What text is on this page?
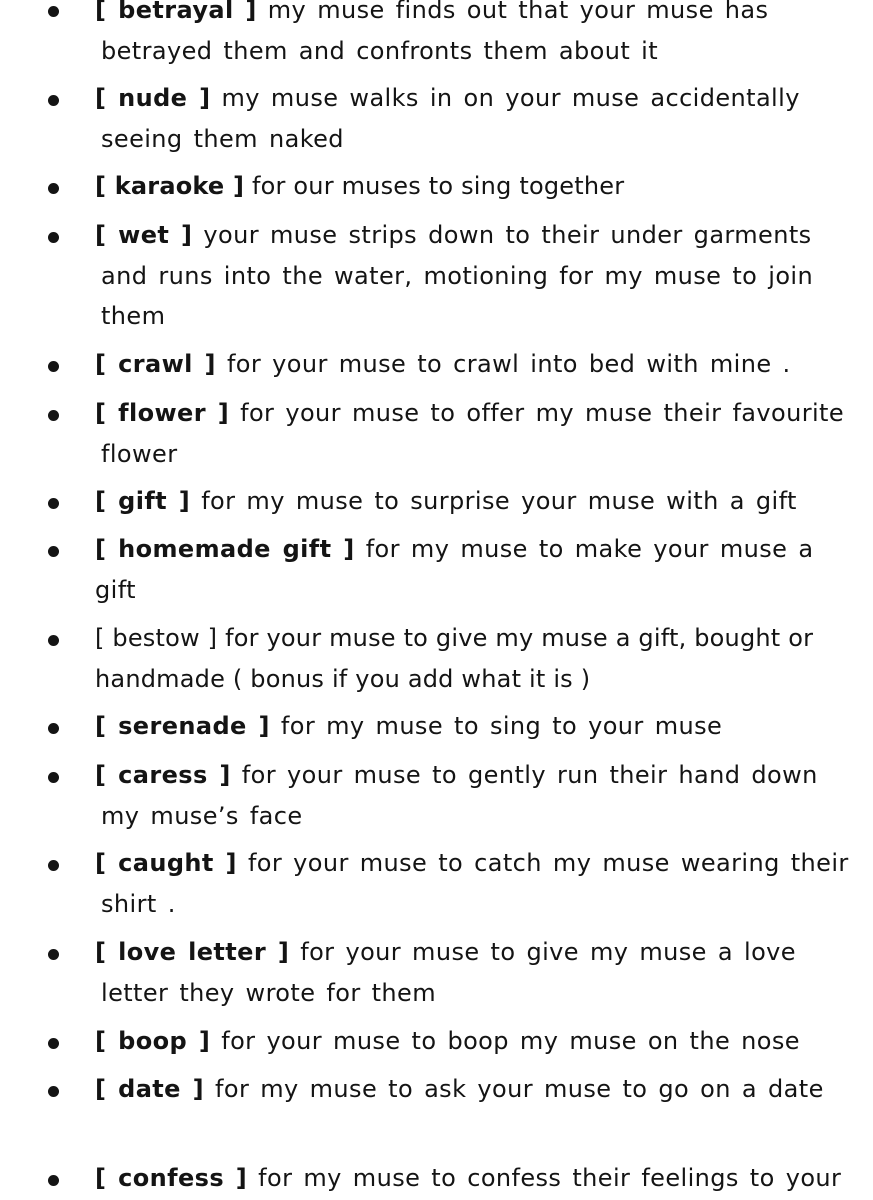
[ betrayal ] my muse finds out that your muse has
betrayed them and confronts them about it
[ nude ] my muse walks in on your muse accidentally
seeing them naked
[ karaoke ] for our muses to sing together
[ wet ] your muse strips down to their under garments
and runs into the water, motioning for my muse to join
them
[ crawl ] for your muse to crawl into bed with mine .
[ flower ] for your muse to offer my muse their favourite
flower
[ gift ] for my muse to surprise your muse with a gift
[ homemade gift ] for my muse to make your muse a gift
[ bestow ] for your muse to give my muse a gift, bought or
handmade ( bonus if you add what it is )
[ serenade ] for my muse to sing to your muse
[ caress ] for your muse to gently run their hand down
my muse’s face
[ caught ] for your muse to catch my muse wearing their
shirt .
[ love letter ] for your muse to give my muse a love
letter they wrote for them
[ boop ] for your muse to boop my muse on the nose
[ date ] for my muse to ask your muse to go on a date
[ confess ] for my muse to confess their feelings to your
